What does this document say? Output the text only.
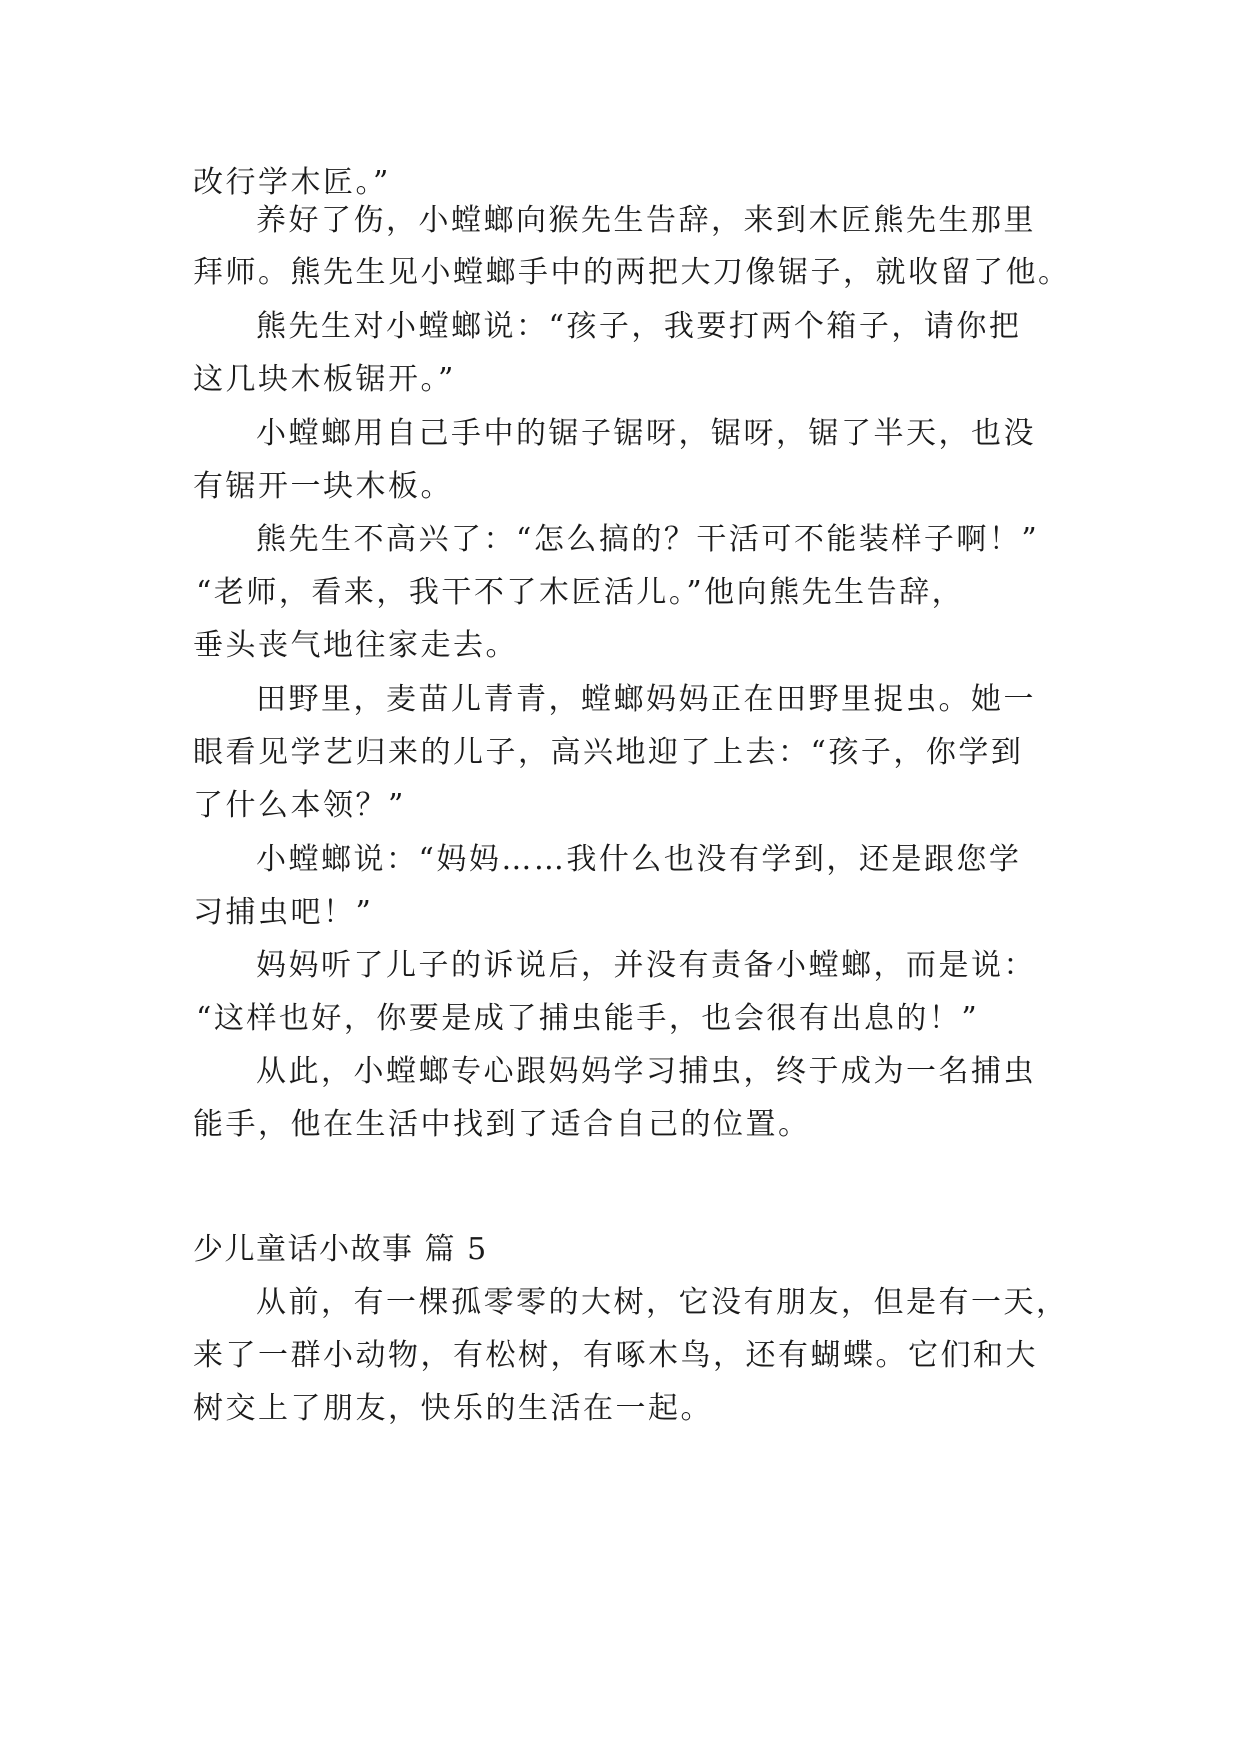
改行学木匠。”
养好了伤，小螳螂向猴先生告辞，来到木匠熊先生那里
拜师。熊先生见小螳螂手中的两把大刀像锯子，就收留了他。
熊先生对小螳螂说：“孩子，我要打两个箱子，请你把
这几块木板锯开。”
小螳螂用自己手中的锯子锯呀，锯呀，锯了半天，也没
有锯开一块木板。
熊先生不高兴了：“怎么搞的？干活可不能装样子啊！”
“老师，看来，我干不了木匠活儿。”他向熊先生告辞，
垂头丧气地往家走去。
田野里，麦苗儿青青，螳螂妈妈正在田野里捉虫。她一
眼看见学艺归来的儿子，高兴地迎了上去：“孩子，你学到
了什么本领？”
小螳螂说：“妈妈……我什么也没有学到，还是跟您学
习捕虫吧！”
妈妈听了儿子的诉说后，并没有责备小螳螂，而是说：
“这样也好，你要是成了捕虫能手，也会很有出息的！”
从此，小螳螂专心跟妈妈学习捕虫，终于成为一名捕虫
能手，他在生活中找到了适合自己的位置。
少儿童话小故事 篇 5
从前，有一棵孤零零的大树，它没有朋友，但是有一天，
来了一群小动物，有松树，有啄木鸟，还有蝴蝶。它们和大
树交上了朋友，快乐的生活在一起。
